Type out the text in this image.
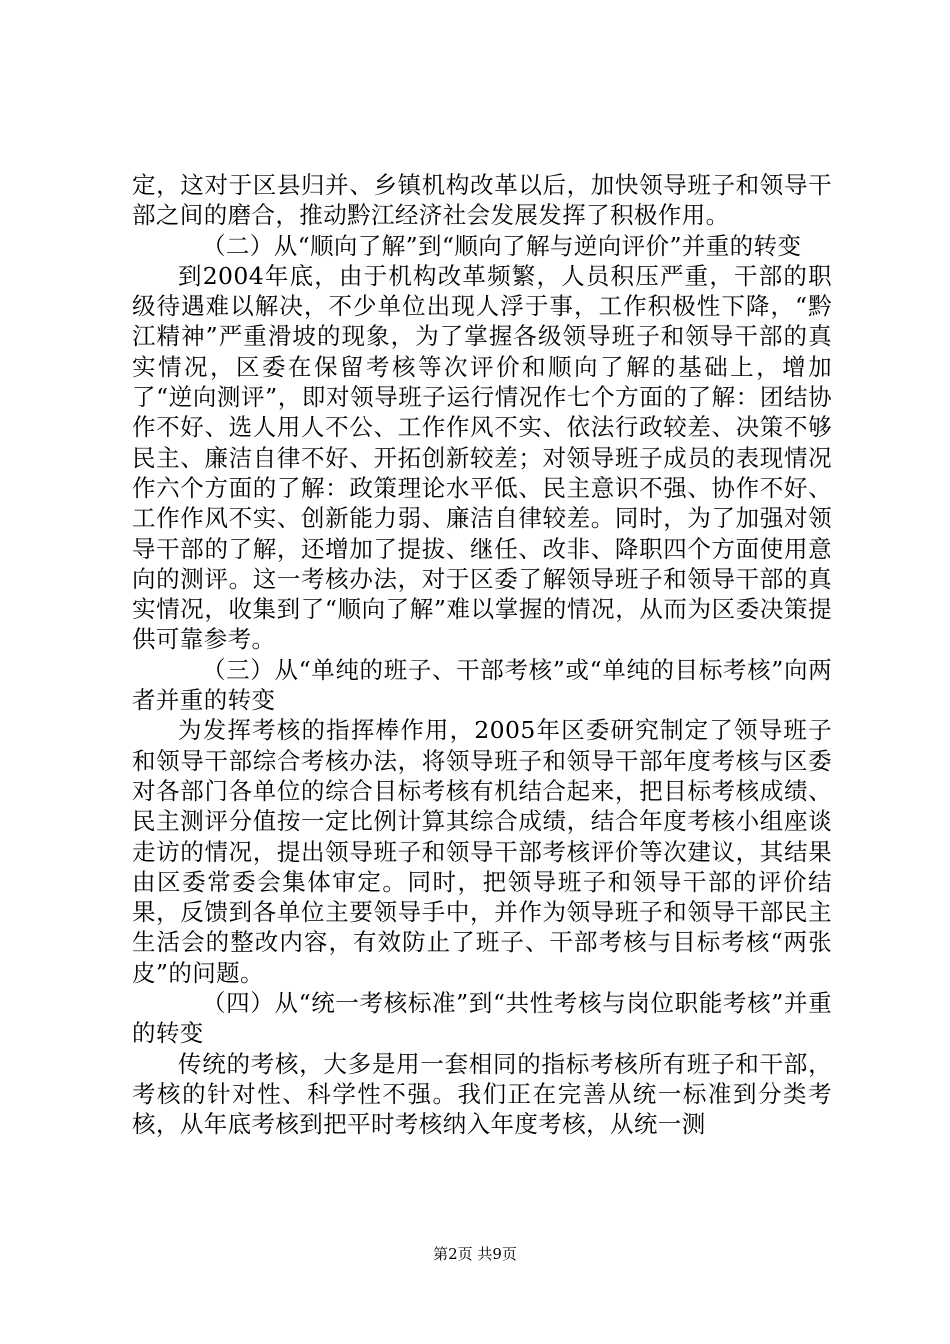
定，这对于区县归并、乡镇机构改革以后，加快领导班子和领导干部之间的磨合，推动黔江经济社会发展发挥了积极作用。

（二）从“顺向了解”到“顺向了解与逆向评价”并重的转变

到2004年底，由于机构改革频繁，人员积压严重，干部的职级待遇难以解决，不少单位出现人浮于事，工作积极性下降，“黔江精神”严重滑坡的现象，为了掌握各级领导班子和领导干部的真实情况，区委在保留考核等次评价和顺向了解的基础上，增加了“逆向测评”，即对领导班子运行情况作七个方面的了解：团结协作不好、选人用人不公、工作作风不实、依法行政较差、决策不够民主、廉洁自律不好、开拓创新较差；对领导班子成员的表现情况作六个方面的了解：政策理论水平低、民主意识不强、协作不好、工作作风不实、创新能力弱、廉洁自律较差。同时，为了加强对领导干部的了解，还增加了提拔、继任、改非、降职四个方面使用意向的测评。这一考核办法，对于区委了解领导班子和领导干部的真实情况，收集到了“顺向了解”难以掌握的情况，从而为区委决策提供可靠参考。

（三）从“单纯的班子、干部考核”或“单纯的目标考核”向两者并重的转变

为发挥考核的指挥棒作用，2005年区委研究制定了领导班子和领导干部综合考核办法，将领导班子和领导干部年度考核与区委对各部门各单位的综合目标考核有机结合起来，把目标考核成绩、民主测评分值按一定比例计算其综合成绩，结合年度考核小组座谈走访的情况，提出领导班子和领导干部考核评价等次建议，其结果由区委常委会集体审定。同时，把领导班子和领导干部的评价结果，反馈到各单位主要领导手中，并作为领导班子和领导干部民主生活会的整改内容，有效防止了班子、干部考核与目标考核“两张皮”的问题。

（四）从“统一考核标准”到“共性考核与岗位职能考核”并重的转变

传统的考核，大多是用一套相同的指标考核所有班子和干部，考核的针对性、科学性不强。我们正在完善从统一标准到分类考核，从年底考核到把平时考核纳入年度考核，从统一测

第2页 共9页
